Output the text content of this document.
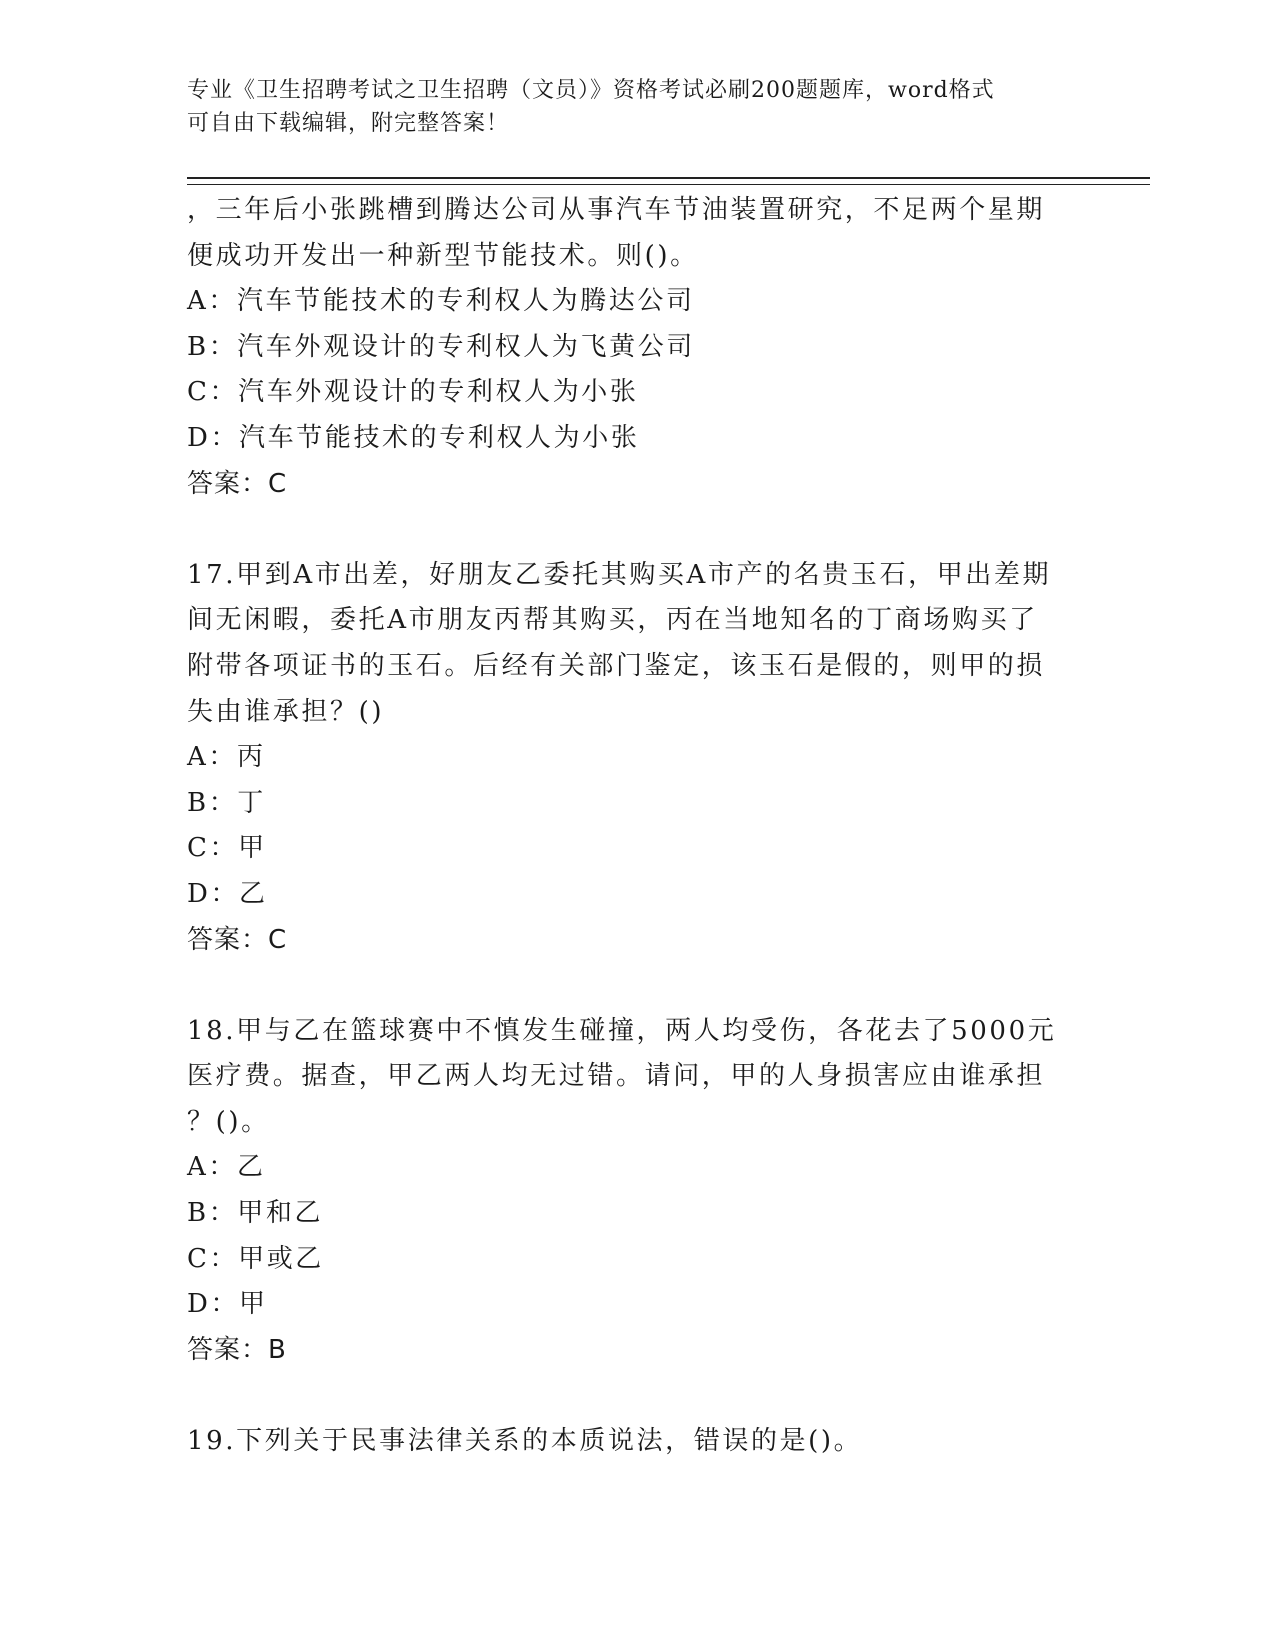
专业《卫生招聘考试之卫生招聘（文员）》资格考试必刷200题题库，word格式
可自由下载编辑，附完整答案！
，三年后小张跳槽到腾达公司从事汽车节油装置研究，不足两个星期
便成功开发出一种新型节能技术。则()。
A：汽车节能技术的专利权人为腾达公司
B：汽车外观设计的专利权人为飞黄公司
C：汽车外观设计的专利权人为小张
D：汽车节能技术的专利权人为小张
答案：C
17.甲到A市出差，好朋友乙委托其购买A市产的名贵玉石，甲出差期
间无闲暇，委托A市朋友丙帮其购买，丙在当地知名的丁商场购买了
附带各项证书的玉石。后经有关部门鉴定，该玉石是假的，则甲的损
失由谁承担？()
A：丙
B：丁
C：甲
D：乙
答案：C
18.甲与乙在篮球赛中不慎发生碰撞，两人均受伤，各花去了5000元
医疗费。据查，甲乙两人均无过错。请问，甲的人身损害应由谁承担
？()。
A：乙
B：甲和乙
C：甲或乙
D：甲
答案：B
19.下列关于民事法律关系的本质说法，错误的是()。
